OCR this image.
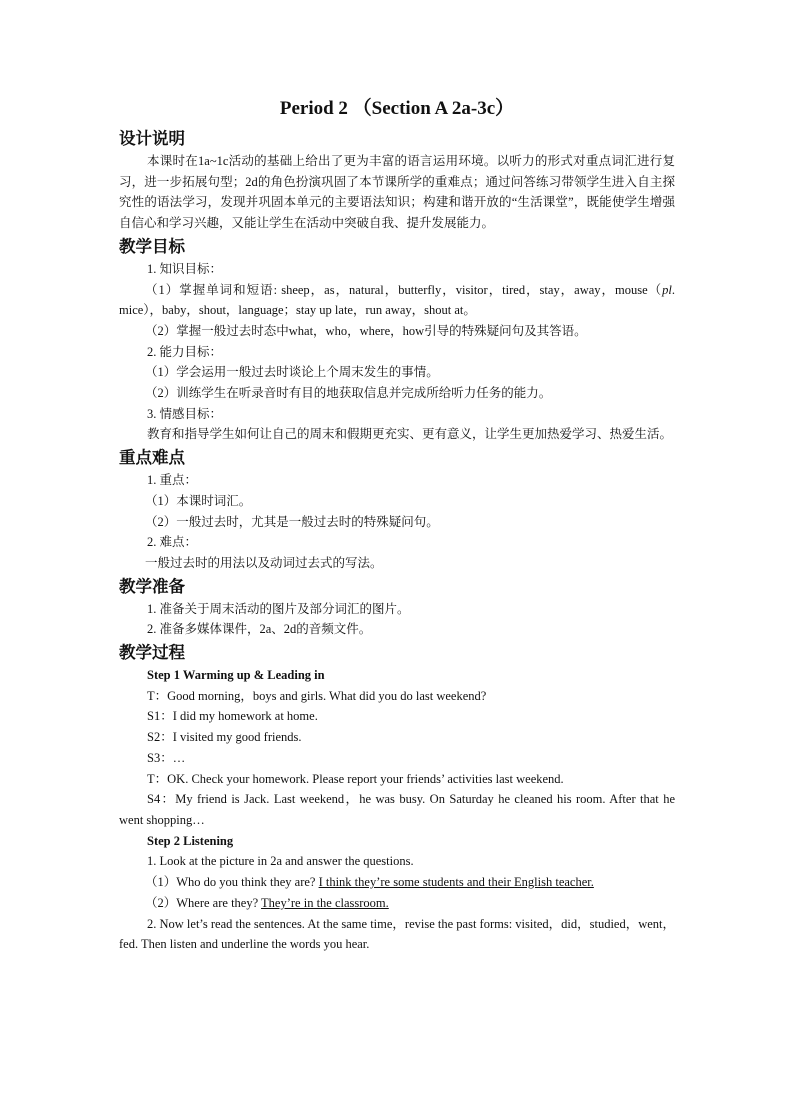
Period 2 （Section A 2a-3c）
设计说明

本课时在1a~1c活动的基础上给出了更为丰富的语言运用环境。以听力的形式对重点词汇进行复习，进一步拓展句型；2d的角色扮演巩固了本节课所学的重难点；通过问答练习带领学生进入自主探究性的语法学习，发现并巩固本单元的主要语法知识；构建和谐开放的“生活课堂”，既能使学生增强自信心和学习兴趣，又能让学生在活动中突破自我、提升发展能力。

教学目标

1. 知识目标：

（1）掌握单词和短语: sheep，as，natural，butterfly，visitor，tired，stay，away，mouse（pl. mice），baby，shout，language；stay up late，run away，shout at。

（2）掌握一般过去时态中what，who，where，how引导的特殊疑问句及其答语。

2. 能力目标：

（1）学会运用一般过去时谈论上个周末发生的事情。

（2）训练学生在听录音时有目的地获取信息并完成所给听力任务的能力。

3. 情感目标：

教育和指导学生如何让自己的周末和假期更充实、更有意义，让学生更加热爱学习、热爱生活。

重点难点

1. 重点：

（1）本课时词汇。

（2）一般过去时，尤其是一般过去时的特殊疑问句。

2. 难点：

一般过去时的用法以及动词过去式的写法。

教学准备

1. 准备关于周末活动的图片及部分词汇的图片。

2. 准备多媒体课件，2a、2d的音频文件。

教学过程

Step 1 Warming up & Leading in

T：Good morning，boys and girls. What did you do last weekend?

S1：I did my homework at home.

S2：I visited my good friends.

S3：…

T：OK. Check your homework. Please report your friends’ activities last weekend.

S4：My friend is Jack. Last weekend，he was busy. On Saturday he cleaned his room. After that he went shopping…

Step 2 Listening

1. Look at the picture in 2a and answer the questions.

（1）Who do you think they are? I think they’re some students and their English teacher.

（2）Where are they? They’re in the classroom.

2. Now let’s read the sentences. At the same time，revise the past forms: visited，did，studied，went，fed. Then listen and underline the words you hear.
